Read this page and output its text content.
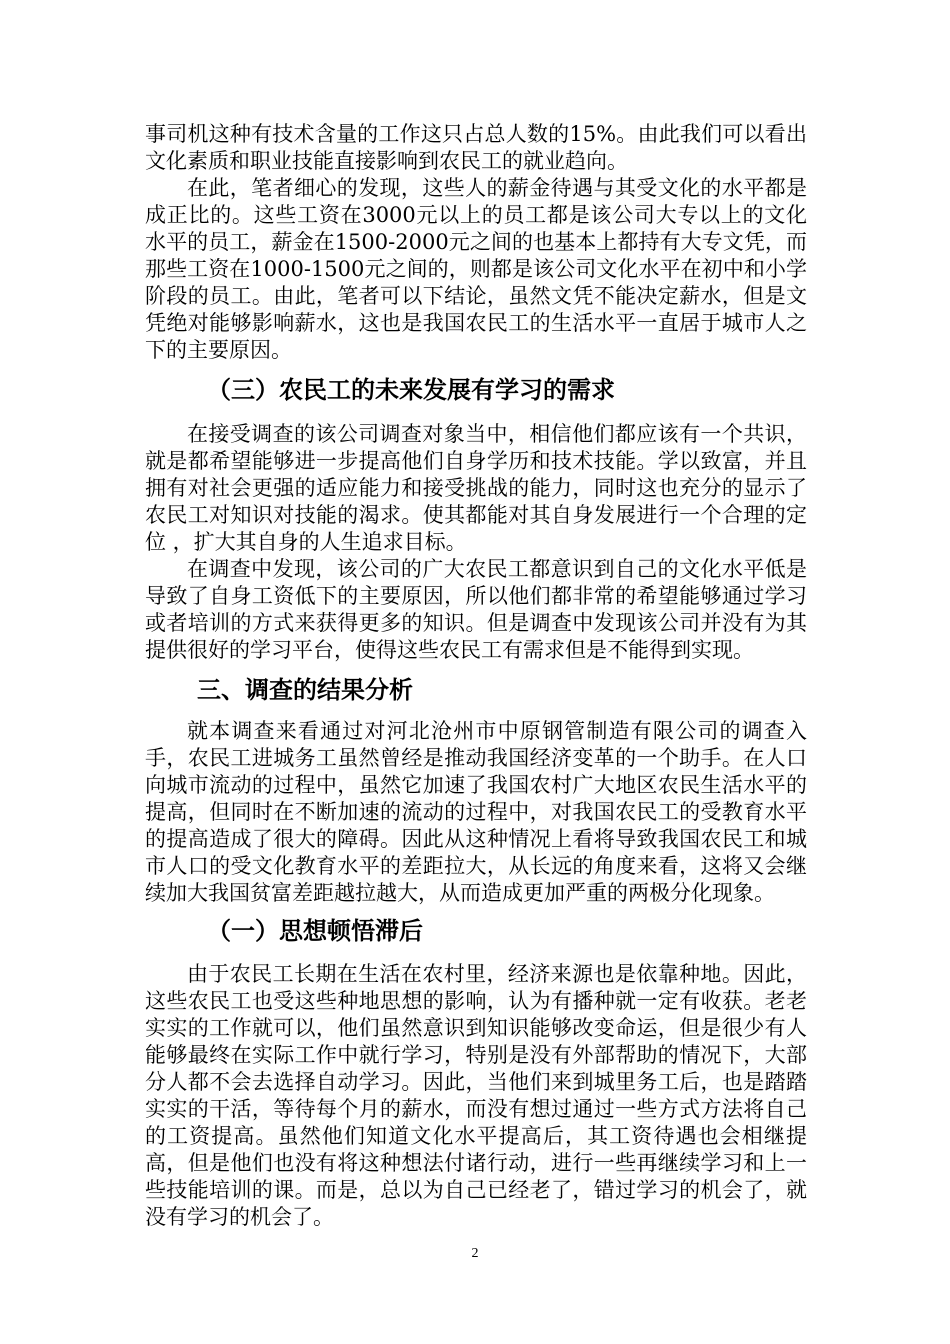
事司机这种有技术含量的工作这只占总人数的15%。由此我们可以看出文化素质和职业技能直接影响到农民工的就业趋向。

在此，笔者细心的发现，这些人的薪金待遇与其受文化的水平都是成正比的。这些工资在3000元以上的员工都是该公司大专以上的文化水平的员工，薪金在1500-2000元之间的也基本上都持有大专文凭，而那些工资在1000-1500元之间的，则都是该公司文化水平在初中和小学阶段的员工。由此，笔者可以下结论，虽然文凭不能决定薪水，但是文凭绝对能够影响薪水，这也是我国农民工的生活水平一直居于城市人之下的主要原因。

（三）农民工的未来发展有学习的需求

在接受调查的该公司调查对象当中，相信他们都应该有一个共识，就是都希望能够进一步提高他们自身学历和技术技能。学以致富，并且拥有对社会更强的适应能力和接受挑战的能力，同时这也充分的显示了农民工对知识对技能的渴求。使其都能对其自身发展进行一个合理的定位 ，扩大其自身的人生追求目标。

在调查中发现，该公司的广大农民工都意识到自己的文化水平低是导致了自身工资低下的主要原因，所以他们都非常的希望能够通过学习或者培训的方式来获得更多的知识。但是调查中发现该公司并没有为其提供很好的学习平台，使得这些农民工有需求但是不能得到实现。

三、调查的结果分析

就本调查来看通过对河北沧州市中原钢管制造有限公司的调查入手，农民工进城务工虽然曾经是推动我国经济变革的一个助手。在人口向城市流动的过程中，虽然它加速了我国农村广大地区农民生活水平的提高，但同时在不断加速的流动的过程中，对我国农民工的受教育水平的提高造成了很大的障碍。因此从这种情况上看将导致我国农民工和城市人口的受文化教育水平的差距拉大，从长远的角度来看，这将又会继续加大我国贫富差距越拉越大，从而造成更加严重的两极分化现象。

（一）思想顿悟滞后

由于农民工长期在生活在农村里，经济来源也是依靠种地。因此，这些农民工也受这些种地思想的影响，认为有播种就一定有收获。老老实实的工作就可以，他们虽然意识到知识能够改变命运，但是很少有人能够最终在实际工作中就行学习，特别是没有外部帮助的情况下，大部分人都不会去选择自动学习。因此，当他们来到城里务工后，也是踏踏实实的干活，等待每个月的薪水，而没有想过通过一些方式方法将自己的工资提高。虽然他们知道文化水平提高后，其工资待遇也会相继提高，但是他们也没有将这种想法付诸行动，进行一些再继续学习和上一些技能培训的课。而是，总以为自己已经老了，错过学习的机会了，就没有学习的机会了。

2
